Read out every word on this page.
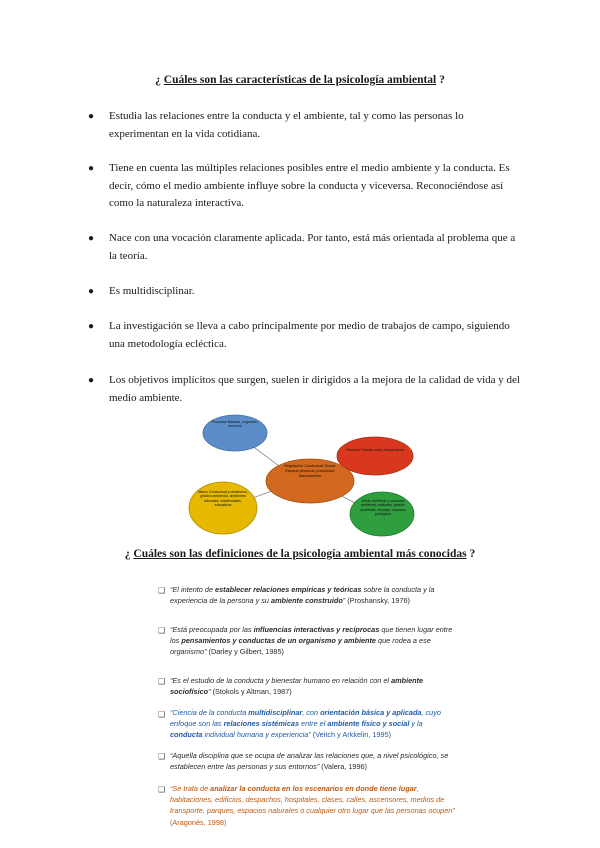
¿ Cuáles son las características de la psicología ambiental ?
●	Estudia las relaciones entre la conducta y el ambiente, tal y como las personas lo experimentan en la vida cotidiana.
●	Tiene en cuenta las múltiples relaciones posibles entre el medio ambiente y la conducta. Es decir, cómo el medio ambiente influye sobre la conducta y viceversa. Reconociéndose así como la naturaleza interactiva.
●	Nace con una vocación claramente aplicada. Por tanto, está más orientada al problema que a la teoría.
●	Es multidisciplinar.
●	La investigación se lleva a cabo principalmente por medio de trabajos de campo, siguiendo una metodología ecléctica.
●	Los objetivos implícitos que surgen, suelen ir dirigidos a la mejora de la calidad de vida y del medio ambiente.
Procesos Básicos, cognición, emoción
Factores Físicos: ruido, temperatura
Regulación Conductual Social: Espacio personal, privacidad, hacinamiento
Marco Conductual y urbanismo, gestión ambiental, ambientes laborales, residenciales, educativos
Medio ambiente y conducta ambiental: actitudes, gestión ambiental, reciclaje, espacios protegidos
¿ Cuáles son las definiciones de la psicología ambiental más conocidas ?
❑ “El intento de establecer relaciones empíricas y teóricas sobre la conducta y la experiencia de la persona y su ambiente construido” (Proshansky, 1976)
❑ “Está preocupada por las influencias interactivas y recíprocas que tienen lugar entre los pensamientos y conductas de un organismo y ambiente que rodea a ese organismo” (Darley y Gilbert, 1985)
❑ “Es el estudio de la conducta y bienestar humano en relación con el ambiente sociofísico” (Stokols y Altman, 1987)
❑ “Ciencia de la conducta multidisciplinar, con orientación básica y aplicada, cuyo enfoque son las relaciones sistémicas entre el ambiente físico y social y la conducta individual humana y experiencia” (Veitch y Arkkelin, 1995)
❑ “Aquella disciplina que se ocupa de analizar las relaciones que, a nivel psicológico, se establecen entre las personas y sus entornos” (Valera, 1996)
❑ “Se trata de analizar la conducta en los escenarios en donde tiene lugar, habitaciones, edificios, despachos, hospitales, clases, calles, ascensores, medios de transporte, parques, espacios naturales o cualquier otro lugar que las personas ocupen” (Aragonés, 1998)
